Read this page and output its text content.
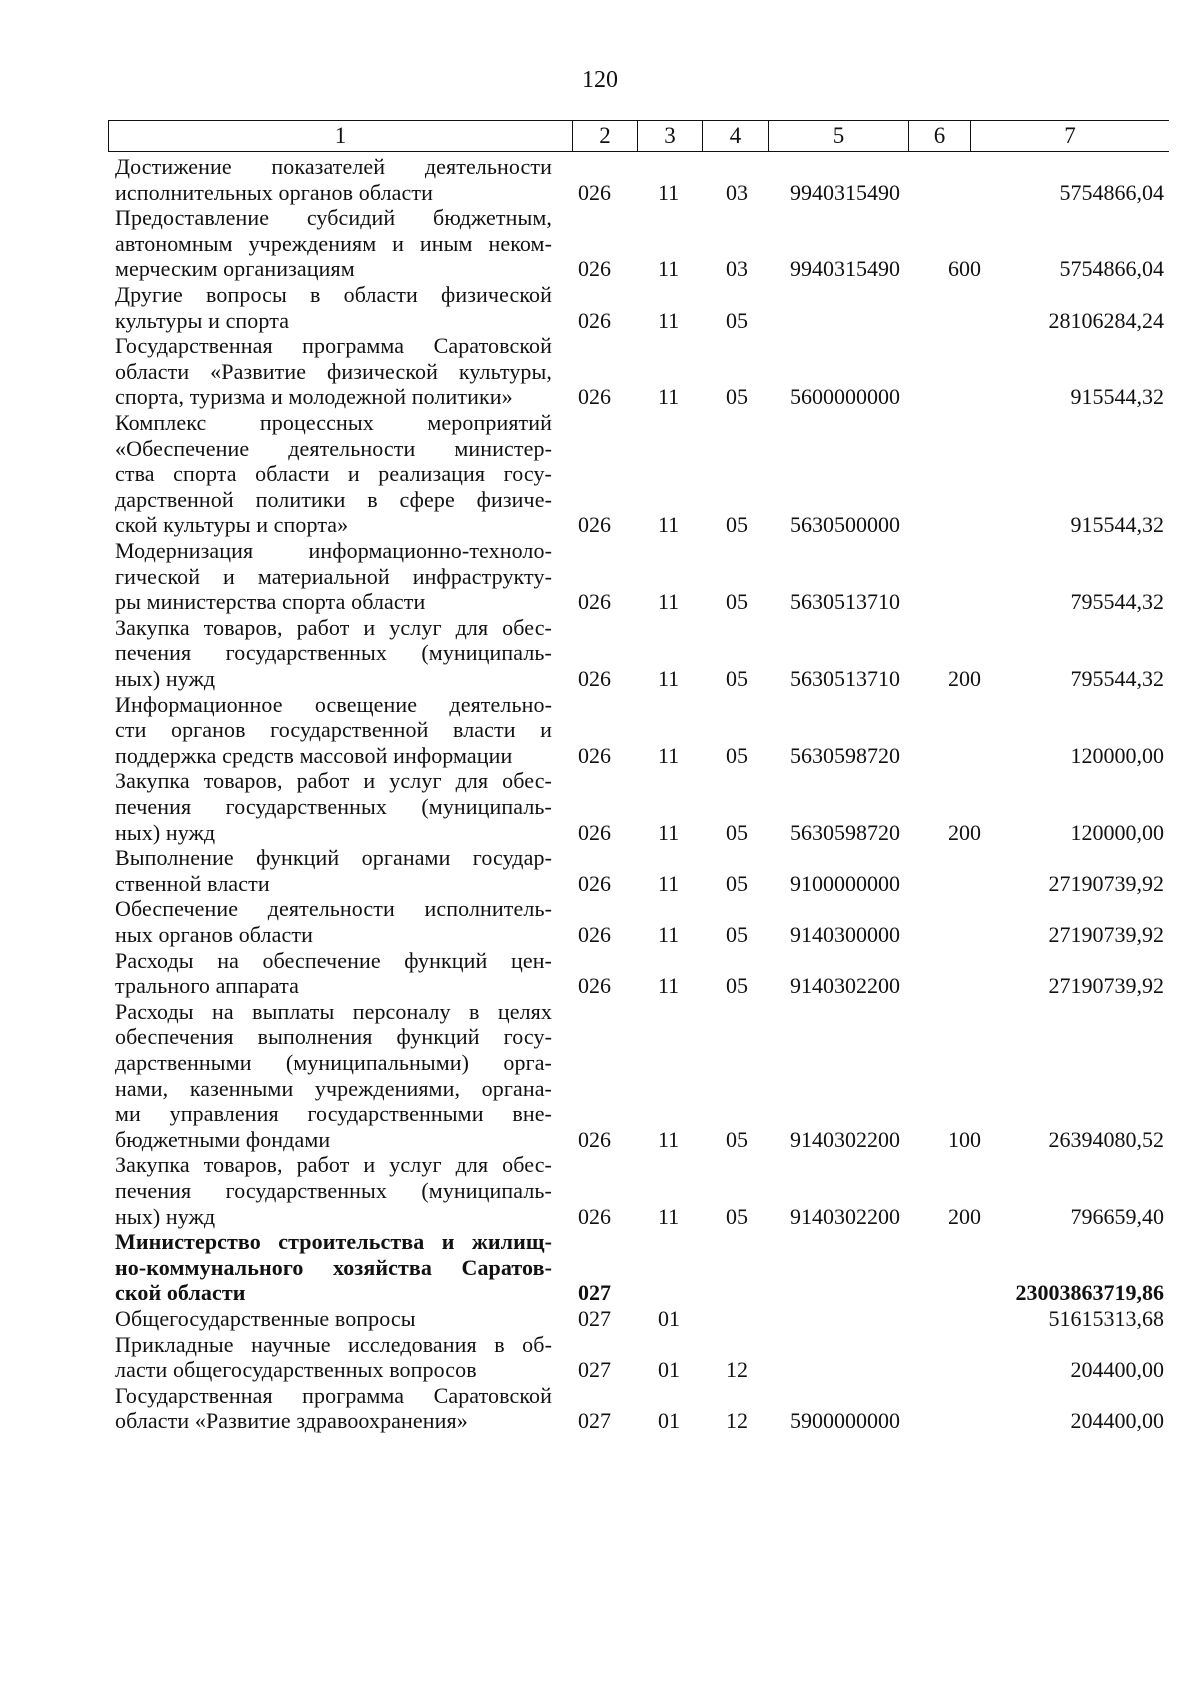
120
1	2	3	4	5	6	7
Достижение показателей деятельности
исполнительных органов области	026 11 03 9940315490	5754866,04
Предоставление субсидий бюджетным,
автономным учреждениям и иным неком-
мерческим организациям	026 11 03 9940315490 600	5754866,04
Другие вопросы в области физической
культуры и спорта	026 11 05	28106284,24
Государственная программа Саратовской
области «Развитие физической культуры,
спорта, туризма и молодежной политики»	026 11 05 5600000000	915544,32
Комплекс процессных мероприятий
«Обеспечение деятельности министер-
ства спорта области и реализация госу-
дарственной политики в сфере физиче-
ской культуры и спорта»	026 11 05 5630500000	915544,32
Модернизация информационно-техноло-
гической и материальной инфраструкту-
ры министерства спорта области	026 11 05 5630513710	795544,32
Закупка товаров, работ и услуг для обес-
печения государственных (муниципаль-
ных) нужд	026 11 05 5630513710 200	795544,32
Информационное освещение деятельно-
сти органов государственной власти и
поддержка средств массовой информации	026 11 05 5630598720	120000,00
Закупка товаров, работ и услуг для обес-
печения государственных (муниципаль-
ных) нужд	026 11 05 5630598720 200	120000,00
Выполнение функций органами государ-
ственной власти	026 11 05 9100000000	27190739,92
Обеспечение деятельности исполнитель-
ных органов области	026 11 05 9140300000	27190739,92
Расходы на обеспечение функций цен-
трального аппарата	026 11 05 9140302200	27190739,92
Расходы на выплаты персоналу в целях
обеспечения выполнения функций госу-
дарственными (муниципальными) орга-
нами, казенными учреждениями, органа-
ми управления государственными вне-
бюджетными фондами	026 11 05 9140302200 100	26394080,52
Закупка товаров, работ и услуг для обес-
печения государственных (муниципаль-
ных) нужд	026 11 05 9140302200 200	796659,40
Министерство строительства и жилищ-
но-коммунального хозяйства Саратов-
ской области	027	23003863719,86
Общегосударственные вопросы	027 01	51615313,68
Прикладные научные исследования в об-
ласти общегосударственных вопросов	027 01 12	204400,00
Государственная программа Саратовской
области «Развитие здравоохранения»	027 01 12 5900000000	204400,00
